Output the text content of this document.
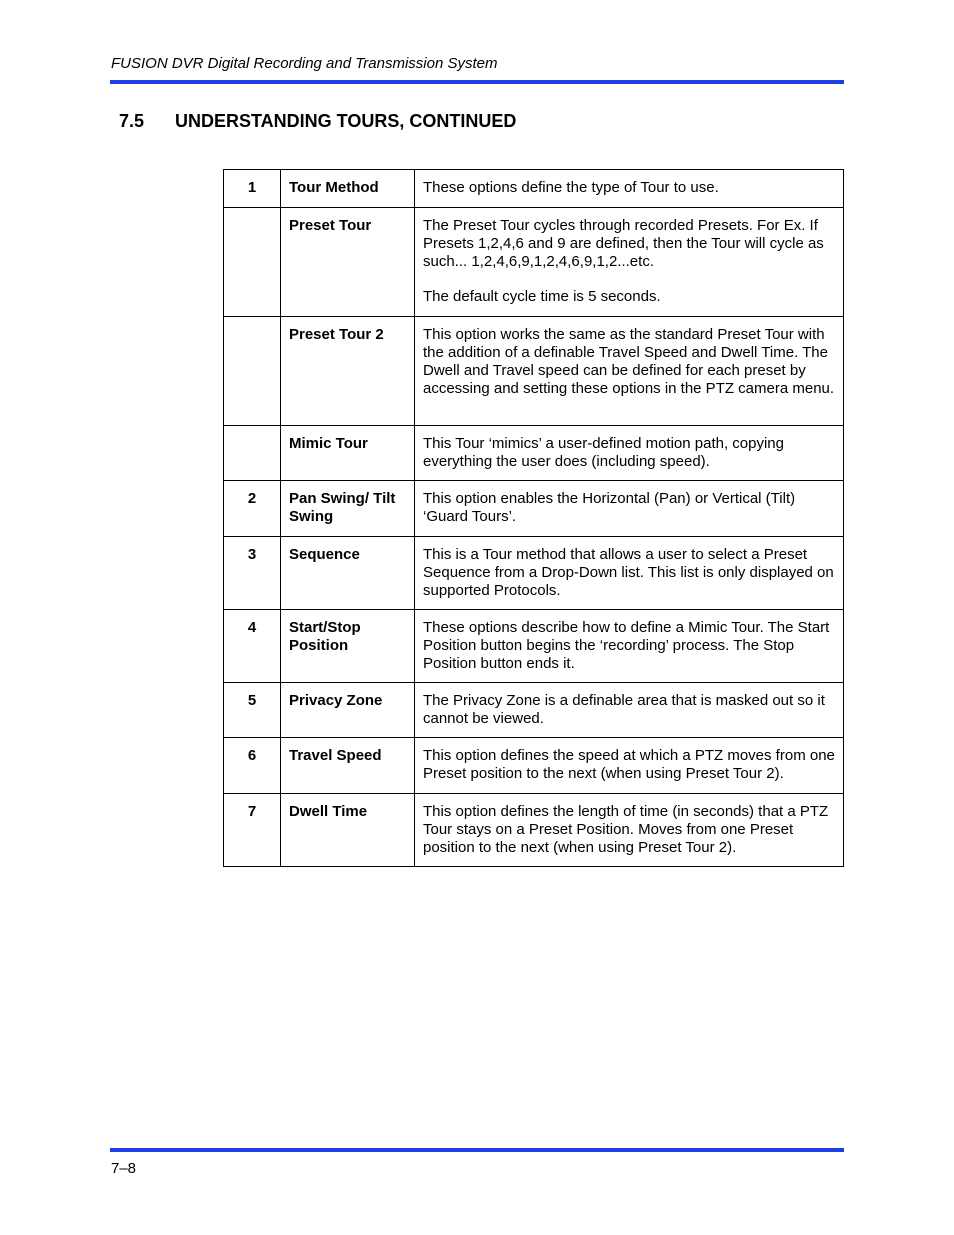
FUSION DVR Digital Recording and Transmission System
7.5 UNDERSTANDING TOURS, CONTINUED
1	Tour Method	These options define the type of Tour to use.

	Preset Tour	The Preset Tour cycles through recorded Presets. For Ex. If Presets 1,2,4,6 and 9 are defined, then the Tour will cycle as such... 1,2,4,6,9,1,2,4,6,9,1,2...etc.
The default cycle time is 5 seconds.

	Preset Tour 2	This option works the same as the standard Preset Tour with the addition of a definable Travel Speed and Dwell Time. The Dwell and Travel speed can be defined for each preset by accessing and setting these options in the PTZ camera menu.

	Mimic Tour	This Tour ‘mimics’ a user-defined motion path, copying everything the user does (including speed).

2	Pan Swing/ Tilt Swing	This option enables the Horizontal (Pan) or Vertical (Tilt) ‘Guard Tours’.

3	Sequence	This is a Tour method that allows a user to select a Preset Sequence from a Drop-Down list. This list is only displayed on supported Protocols.

4	Start/Stop Position	These options describe how to define a Mimic Tour. The Start Position button begins the ‘recording’ process. The Stop Position button ends it.

5	Privacy Zone	The Privacy Zone is a definable area that is masked out so it cannot be viewed.

6	Travel Speed	This option defines the speed at which a PTZ moves from one Preset position to the next (when using Preset Tour 2).

7	Dwell Time	This option defines the length of time (in seconds) that a PTZ Tour stays on a Preset Position. Moves from one Preset position to the next (when using Preset Tour 2).
7–8
